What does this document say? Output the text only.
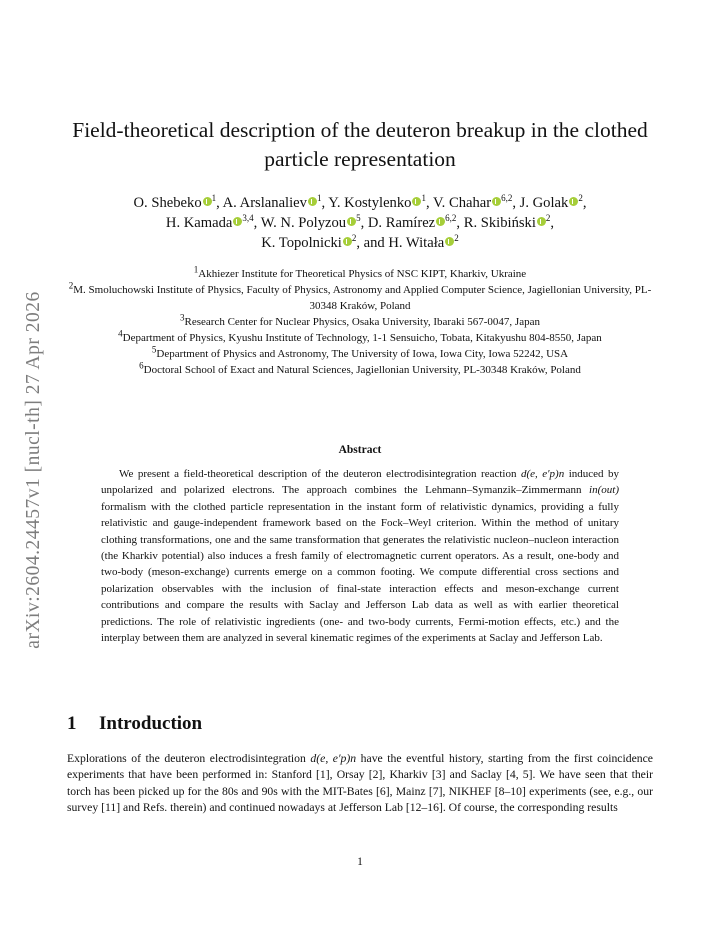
arXiv:2604.24457v1 [nucl-th] 27 Apr 2026
Field-theoretical description of the deuteron breakup in the clothed particle representation
O. Shebeko $^1$, A. Arslanaliev $^1$, Y. Kostylenko $^1$, V. Chahar $^{6,2}$, J. Golak $^2$,
H. Kamada $^{3,4}$, W. N. Polyzou $^5$, D. Ramírez $^{6,2}$, R. Skibiński $^2$,
K. Topolnicki $^2$, and H. Witała $^2$
$^1$Akhiezer Institute for Theoretical Physics of NSC KIPT, Kharkiv, Ukraine
$^2$M. Smoluchowski Institute of Physics, Faculty of Physics, Astronomy and Applied Computer Science, Jagiellonian University, PL-30348 Kraków, Poland
$^3$Research Center for Nuclear Physics, Osaka University, Ibaraki 567-0047, Japan
$^4$Department of Physics, Kyushu Institute of Technology, 1-1 Sensuicho, Tobata, Kitakyushu 804-8550, Japan
$^5$Department of Physics and Astronomy, The University of Iowa, Iowa City, Iowa 52242, USA
$^6$Doctoral School of Exact and Natural Sciences, Jagiellonian University, PL-30348 Kraków, Poland
Abstract
We present a field-theoretical description of the deuteron electrodisintegration reaction d(e, e′p)n induced by unpolarized and polarized electrons. The approach combines the Lehmann–Symanzik–Zimmermann in(out) formalism with the clothed particle representation in the instant form of relativistic dynamics, providing a fully relativistic and gauge-independent framework based on the Fock–Weyl criterion. Within the method of unitary clothing transformations, one and the same transformation that generates the relativistic nucleon–nucleon interaction (the Kharkiv potential) also induces a fresh family of electromagnetic current operators. As a result, one-body and two-body (meson-exchange) currents emerge on a common footing. We compute differential cross sections and polarization observables with the inclusion of final-state interaction effects and meson-exchange current contributions and compare the results with Saclay and Jefferson Lab data as well as with earlier theoretical predictions. The role of relativistic ingredients (one- and two-body currents, Fermi-motion effects, etc.) and the interplay between them are analyzed in several kinematic regimes of the experiments at Saclay and Jefferson Lab.
1 Introduction
Explorations of the deuteron electrodisintegration d(e, e′p)n have the eventful history, starting from the first coincidence experiments that have been performed in: Stanford [1], Orsay [2], Kharkiv [3] and Saclay [4, 5]. We have seen that their torch has been picked up for the 80s and 90s with the MIT-Bates [6], Mainz [7], NIKHEF [8–10] experiments (see, e.g., our survey [11] and Refs. therein) and continued nowadays at Jefferson Lab [12–16]. Of course, the corresponding results
1
